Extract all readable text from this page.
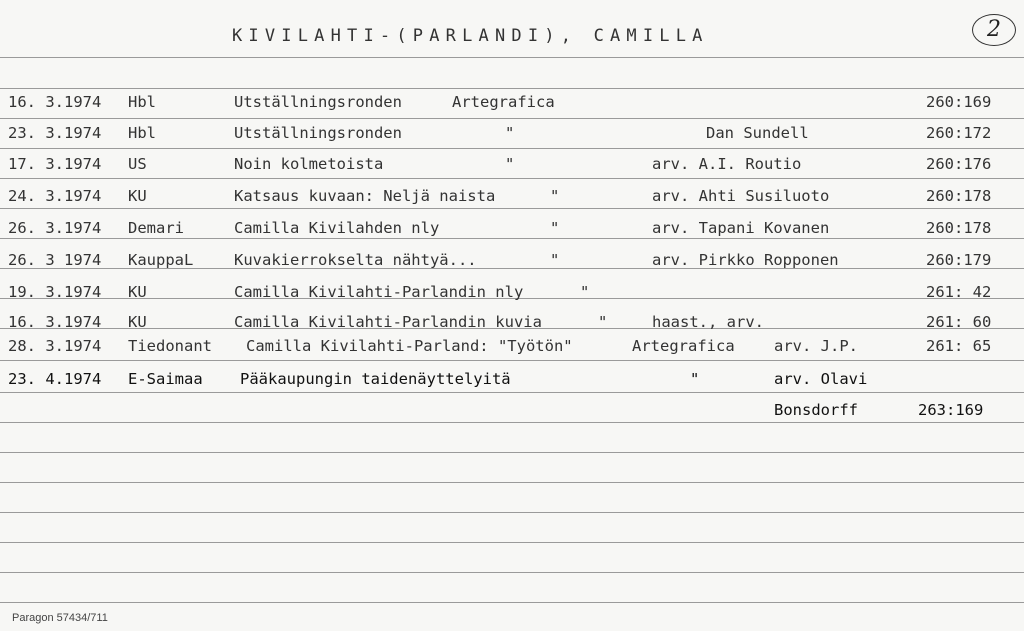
KIVILAHTI-(PARLANDI), CAMILLA	2
16. 3.1974 Hbl	Utställningsronden	Artegrafica	260:169
23. 3.1974 Hbl	Utställningsronden	"	Dan Sundell	260:172
17. 3.1974 US	Noin kolmetoista	"	arv. A.I. Routio	260:176
24. 3.1974 KU	Katsaus kuvaan: Neljä naista	"	arv. Ahti Susiluoto	260:178
26. 3.1974 Demari	Camilla Kivilahden nly	"	arv. Tapani Kovanen	260:178
26. 3 1974 KauppaL	Kuvakierrokselta nähtyä...	"	arv. Pirkko Ropponen	260:179
19. 3.1974 KU	Camilla Kivilahti-Parlandin nly	"	261: 42
16. 3.1974 KU	Camilla Kivilahti-Parlandin kuvia	"	haast., arv.	261: 60
28. 3.1974 Tiedonant Camilla Kivilahti-Parland: "Työtön"	Artegrafica	arv. J.P.	261: 65
23. 4.1974 E-Saimaa Pääkaupungin taidenäyttelyitä	"	arv. Olavi
Bonsdorff	263:169
Paragon 57434/711
